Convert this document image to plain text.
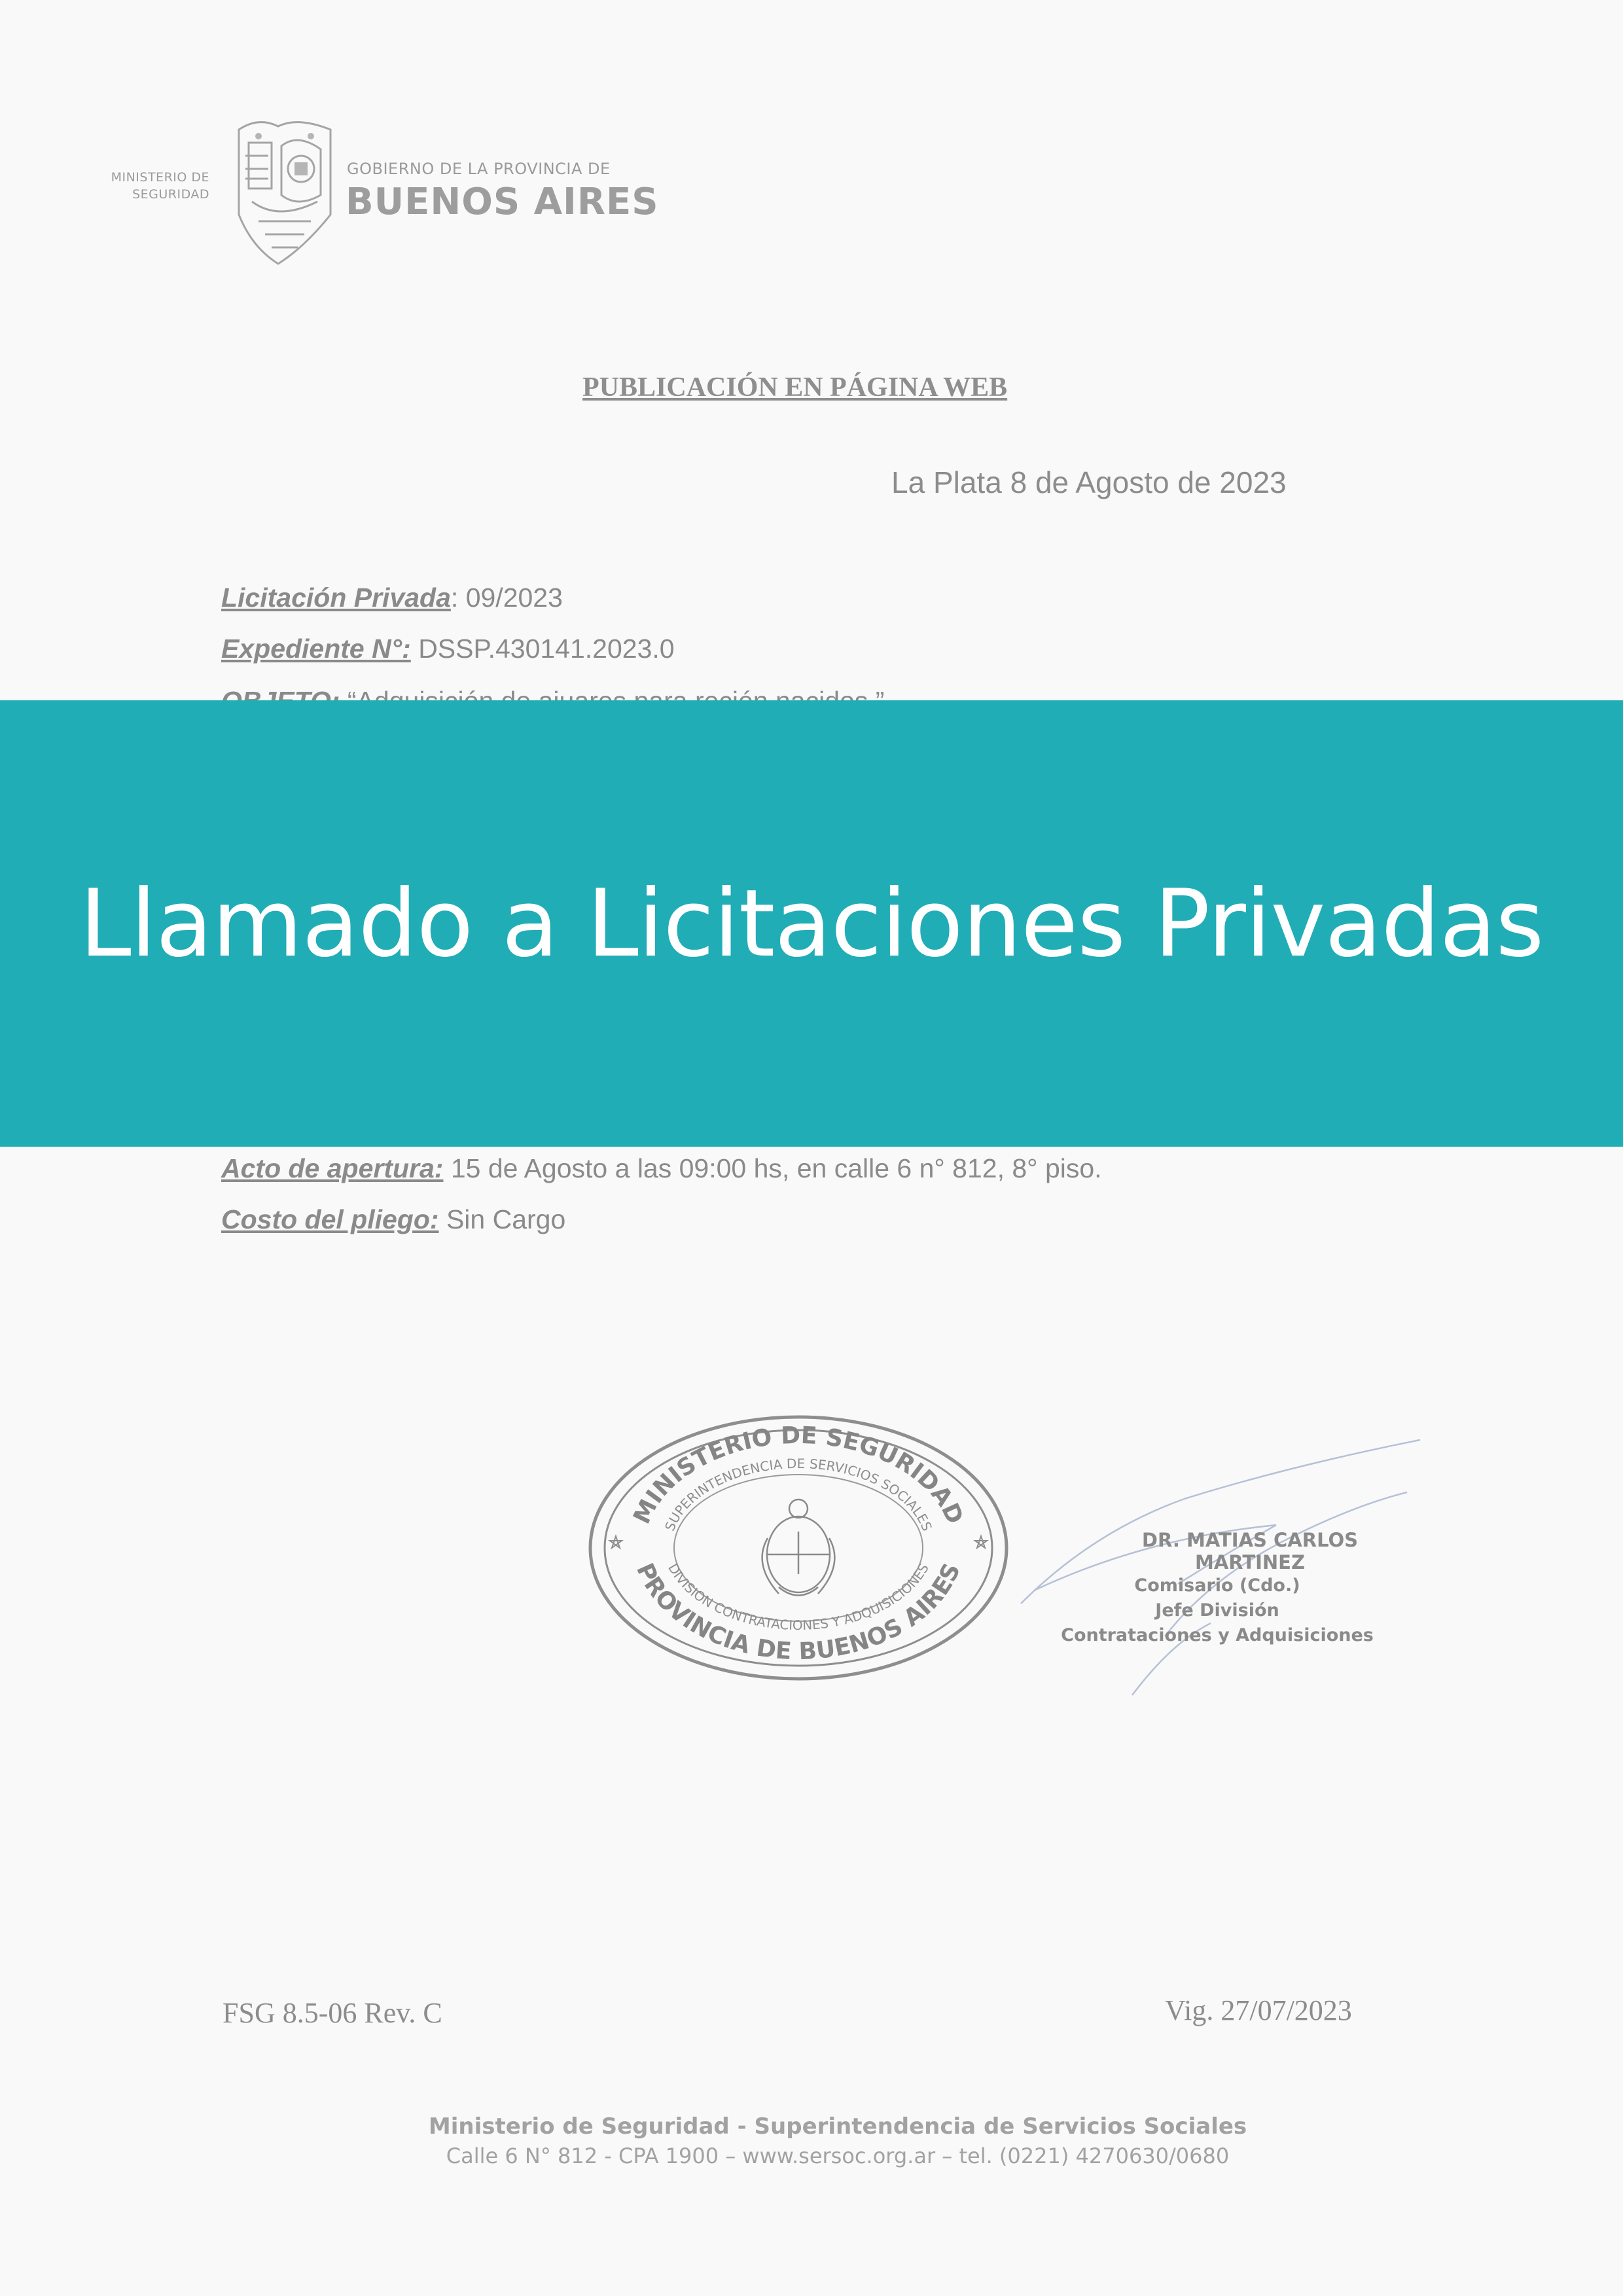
MINISTERIO DE
SEGURIDAD
GOBIERNO DE LA PROVINCIA DE
BUENOS AIRES
PUBLICACIÓN EN PÁGINA WEB
La Plata 8 de Agosto de 2023
Licitación Privada: 09/2023
Expediente N°: DSSP.430141.2023.0
Acto de apertura: 15 de Agosto a las 09:00 hs, en calle 6 n° 812, 8° piso.
Costo del pliego: Sin Cargo
Llamado a Licitaciones Privadas
MINISTERIO DE SEGURIDAD
SUPERINTENDENCIA DE SERVICIOS SOCIALES
DIVISION CONTRATACIONES Y ADQUISICIONES
PROVINCIA DE BUENOS AIRES
DR. MATIAS CARLOS MARTINEZ
Comisario (Cdo.)
Jefe División
Contrataciones y Adquisiciones
FSG 8.5-06 Rev. C	Vig. 27/07/2023
Ministerio de Seguridad - Superintendencia de Servicios Sociales
Calle 6 N° 812 - CPA 1900 – www.sersoc.org.ar – tel. (0221) 4270630/0680
